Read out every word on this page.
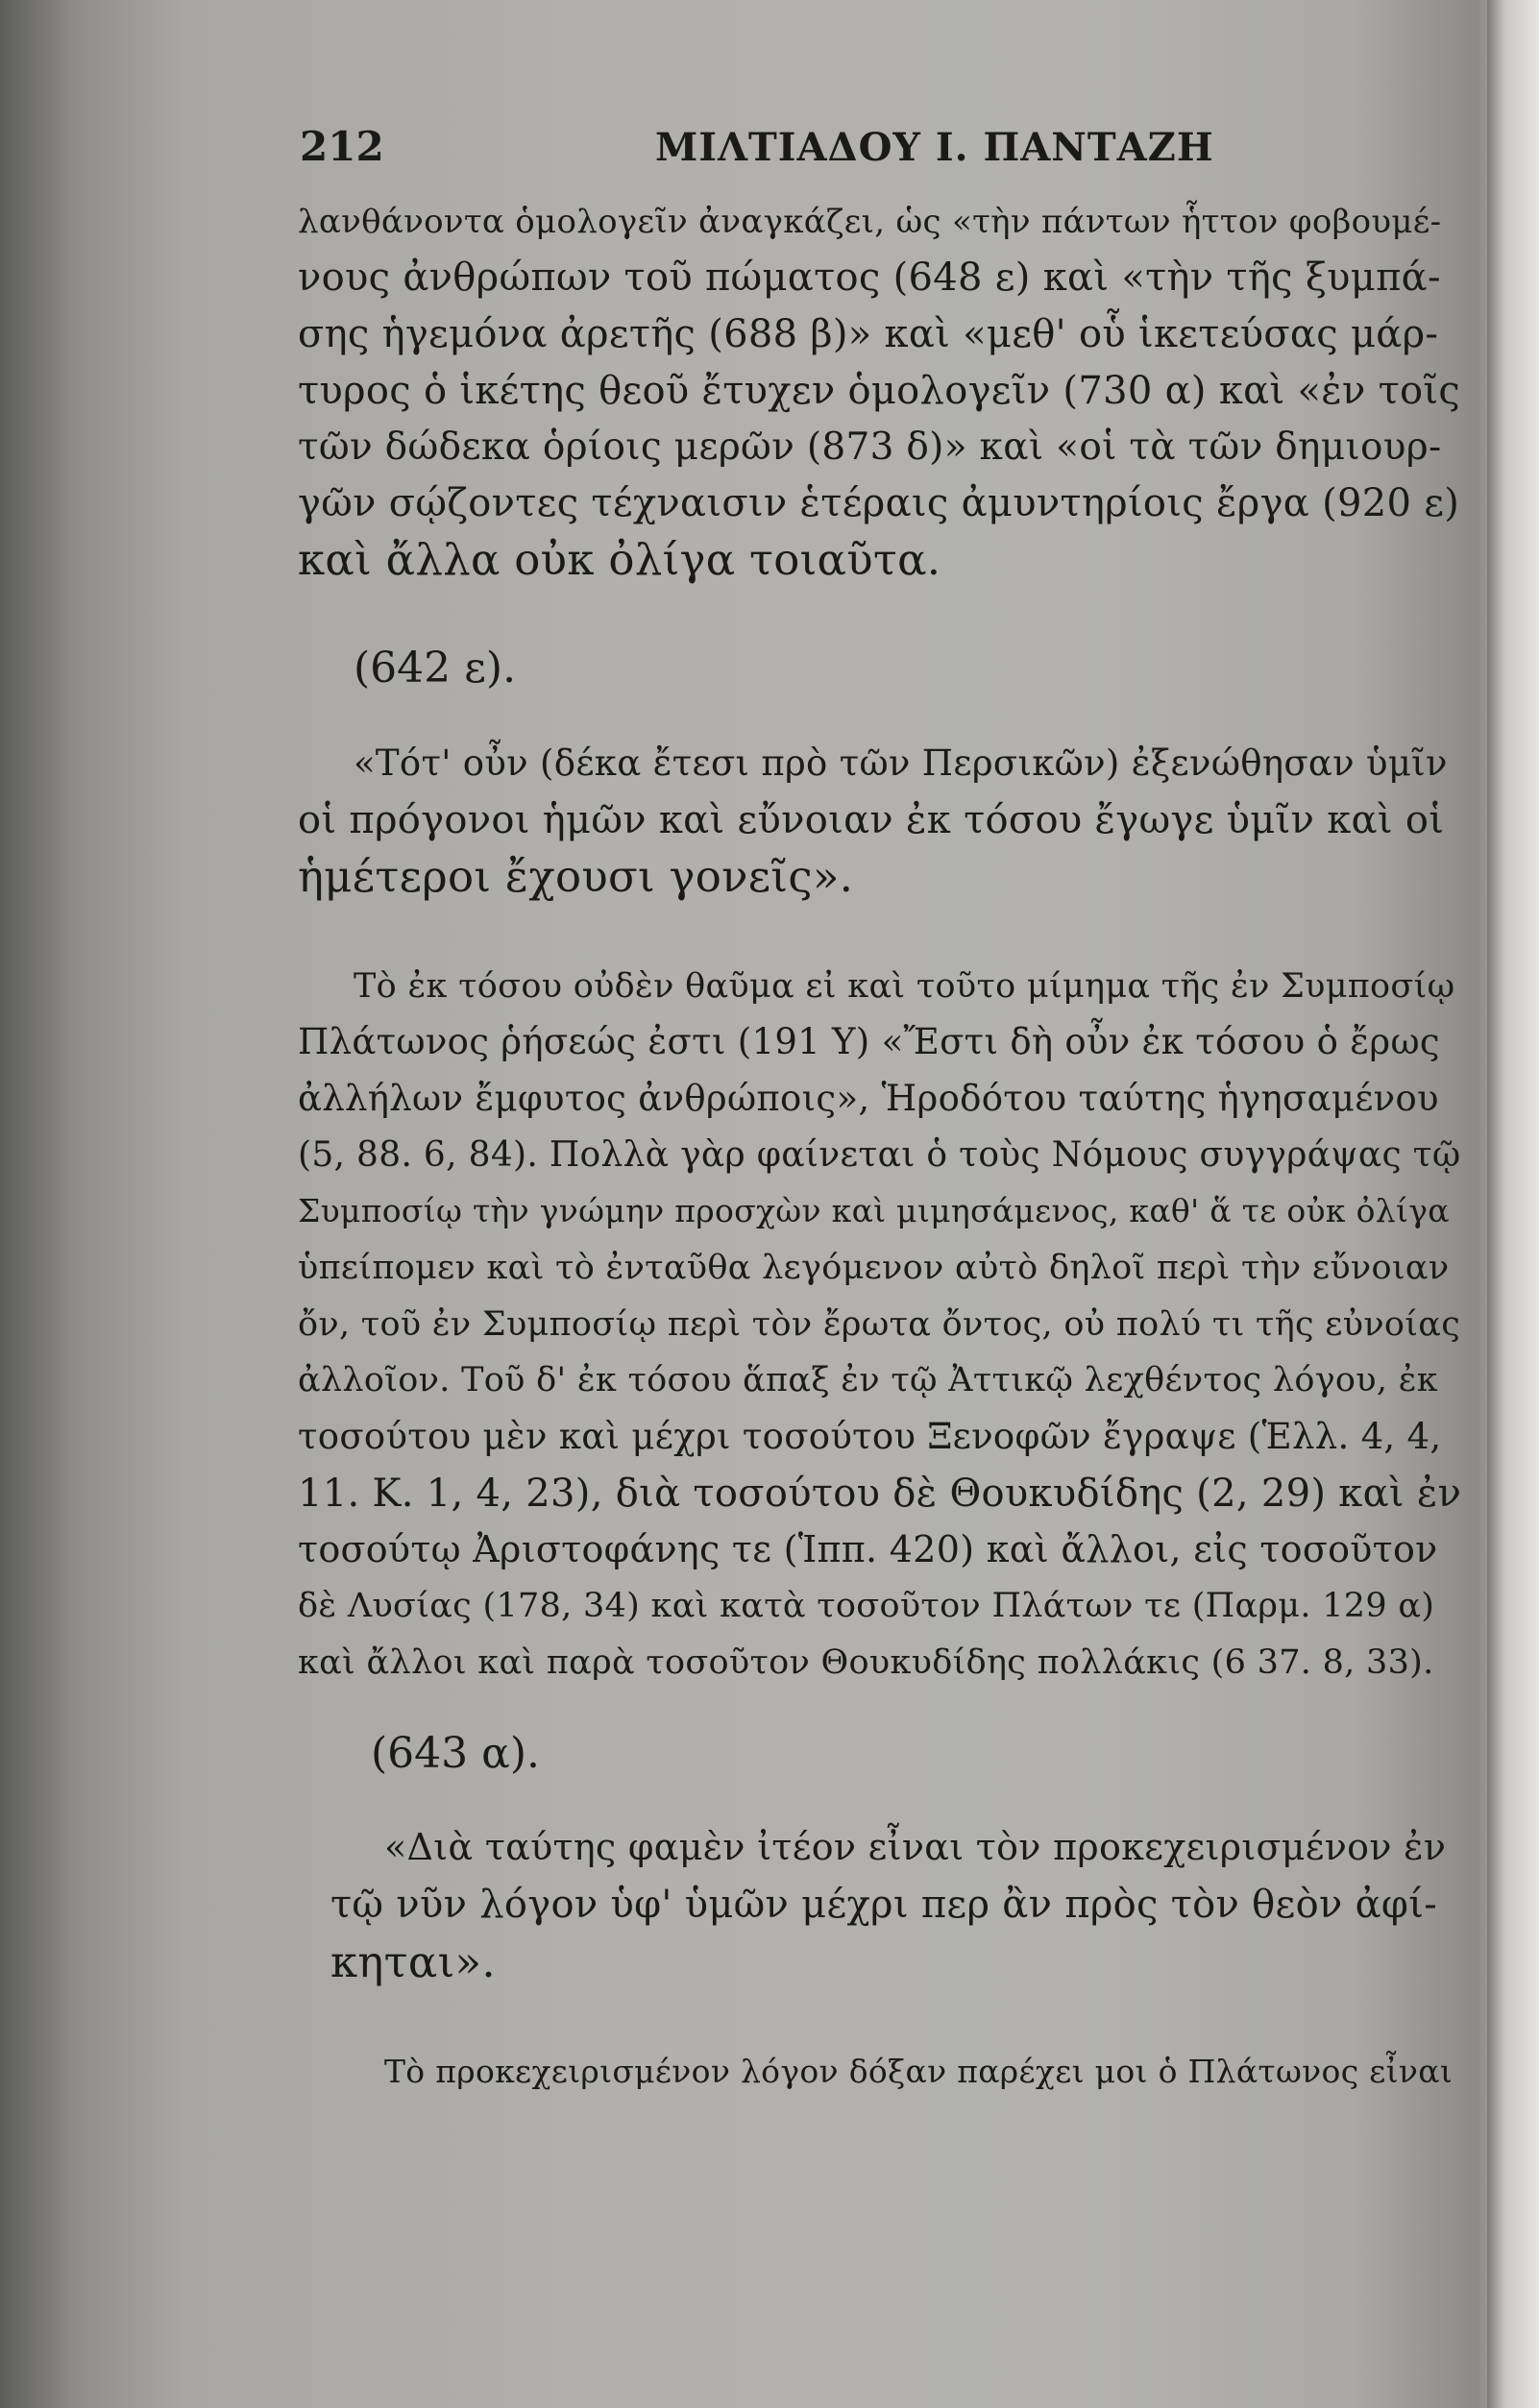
212	ΜΙΛΤΙΑΔΟΥ Ι. ΠΑΝΤΑΖΗ
λανθάνοντα ὁμολογεῖν ἀναγκάζει, ὡς «τὴν πάντων ἧττον φοβουμέ-
νους ἀνθρώπων τοῦ πώματος (648 ε) καὶ «τὴν τῆς ξυμπά-
σης ἡγεμόνα ἀρετῆς (688 β)» καὶ «μεθ' οὗ ἱκετεύσας μάρ-
τυρος ὁ ἱκέτης θεοῦ ἔτυχεν ὁμολογεῖν (730 α) καὶ «ἐν τοῖς
τῶν δώδεκα ὁρίοις μερῶν (873 δ)» καὶ «οἱ τὰ τῶν δημιουρ-
γῶν σῴζοντες τέχναισιν ἑτέραις ἀμυντηρίοις ἔργα (920 ε)
καὶ ἄλλα οὐκ ὀλίγα τοιαῦτα.
(642 ε).
«Τότ' οὖν (δέκα ἔτεσι πρὸ τῶν Περσικῶν) ἐξενώθησαν ὑμῖν
οἱ πρόγονοι ἡμῶν καὶ εὔνοιαν ἐκ τόσου ἔγωγε ὑμῖν καὶ οἱ
ἡμέτεροι ἔχουσι γονεῖς».
Τὸ ἐκ τόσου οὐδὲν θαῦμα εἰ καὶ τοῦτο μίμημα τῆς ἐν Συμποσίῳ
Πλάτωνος ῥήσεώς ἐστι (191 Υ) «Ἔστι δὴ οὖν ἐκ τόσου ὁ ἔρως
ἀλλήλων ἔμφυτος ἀνθρώποις», Ἡροδότου ταύτης ἡγησαμένου
(5, 88. 6, 84). Πολλὰ γὰρ φαίνεται ὁ τοὺς Νόμους συγγράψας τῷ
Συμποσίῳ τὴν γνώμην προσχὼν καὶ μιμησάμενος, καθ' ἅ τε οὐκ ὀλίγα
ὑπείπομεν καὶ τὸ ἐνταῦθα λεγόμενον αὐτὸ δηλοῖ περὶ τὴν εὔνοιαν
ὄν, τοῦ ἐν Συμποσίῳ περὶ τὸν ἔρωτα ὄντος, οὐ πολύ τι τῆς εὐνοίας
ἀλλοῖον. Τοῦ δ' ἐκ τόσου ἅπαξ ἐν τῷ Ἀττικῷ λεχθέντος λόγου, ἐκ
τοσούτου μὲν καὶ μέχρι τοσούτου Ξενοφῶν ἔγραψε (Ἑλλ. 4, 4,
11. Κ. 1, 4, 23), διὰ τοσούτου δὲ Θουκυδίδης (2, 29) καὶ ἐν
τοσούτῳ Ἀριστοφάνης τε (Ἱππ. 420) καὶ ἄλλοι, εἰς τοσοῦτον
δὲ Λυσίας (178, 34) καὶ κατὰ τοσοῦτον Πλάτων τε (Παρμ. 129 α)
καὶ ἄλλοι καὶ παρὰ τοσοῦτον Θουκυδίδης πολλάκις (6 37. 8, 33).
(643 α).
«Διὰ ταύτης φαμὲν ἰτέον εἶναι τὸν προκεχειρισμένον ἐν
τῷ νῦν λόγον ὑφ' ὑμῶν μέχρι περ ἂν πρὸς τὸν θεὸν ἀφί-
κηται».
Τὸ προκεχειρισμένον λόγον δόξαν παρέχει μοι ὁ Πλάτωνος εἶναι
